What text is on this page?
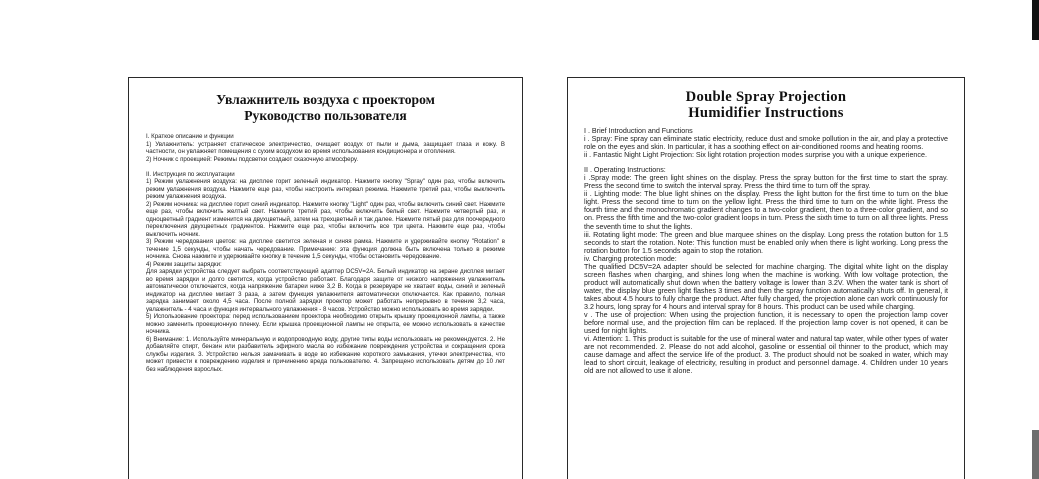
Увлажнитель воздуха с проектором
Руководство пользователя

I. Краткое описание и функции

1) Увлажнитель: устраняет статическое электричество, очищает воздух от пыли и дыма, защищает глаза и кожу. В частности, он увлажняет помещения с сухим воздухом во время использования кондиционера и отопления.

2) Ночник с проекцией: Режимы подсветки создают сказочную атмосферу.

II. Инструкция по эксплуатации

1) Режим увлажнения воздуха: на дисплее горит зеленый индикатор. Нажмите кнопку "Spray" один раз, чтобы включить режим увлажнения воздуха. Нажмите еще раз, чтобы настроить интервал режима. Нажмите третий раз, чтобы выключить режим увлажнения воздуха.

2) Режим ночника: на дисплее горит синий индикатор. Нажмите кнопку "Light" один раз, чтобы включить синий свет. Нажмите еще раз, чтобы включить желтый свет. Нажмите третий раз, чтобы включить белый свет. Нажмите четвертый раз, и одноцветный градиент изменится на двухцветный, затем на трехцветный и так далее. Нажмите пятый раз для поочередного переключения двухцветных градиентов. Нажмите еще раз, чтобы включить все три цвета. Нажмите еще раз, чтобы выключить ночник.

3) Режим чередования цветов: на дисплее светится зеленая и синяя рамка. Нажмите и удерживайте кнопку "Rotation" в течение 1,5 секунды, чтобы начать чередование. Примечание: эта функция должна быть включена только в режиме ночника. Снова нажмите и удерживайте кнопку в течение 1,5 секунды, чтобы остановить чередование.

4) Режим защиты зарядки:

Для зарядки устройства следует выбрать соответствующий адаптер DC5V=2A. Белый индикатор на экране дисплея мигает во время зарядки и долго светится, когда устройство работает. Благодаря защите от низкого напряжения увлажнитель автоматически отключается, когда напряжение батареи ниже 3,2 В. Когда в резервуаре не хватает воды, синий и зеленый индикатор на дисплее мигает 3 раза, а затем функция увлажнителя автоматически отключается. Как правило, полная зарядка занимает около 4,5 часа. После полной зарядки проектор может работать непрерывно в течение 3,2 часа, увлажнитель - 4 часа и функция интервального увлажнения - 8 часов. Устройство можно использовать во время зарядки.

5) Использование проектора: перед использованием проектора необходимо открыть крышку проекционной лампы, а также можно заменить проекционную пленку. Если крышка проекционной лампы не открыта, ее можно использовать в качестве ночника.

6) Внимание: 1. Используйте минеральную и водопроводную воду, другие типы воды использовать не рекомендуется. 2. Не добавляйте спирт, бензин или разбавитель эфирного масла во избежание повреждения устройства и сокращения срока службы изделия. 3. Устройство нельзя замачивать в воде во избежание короткого замыкания, утечки электричества, что может привести к повреждению изделия и причинению вреда пользователю. 4. Запрещено использовать детям до 10 лет без наблюдения взрослых.

Double Spray Projection
Humidifier Instructions

I . Brief Introduction and Functions

i . Spray: Fine spray can eliminate static electricity, reduce dust and smoke pollution in the air, and play a protective role on the eyes and skin. In particular, it has a soothing effect on air-conditioned rooms and heating rooms.

ii . Fantastic Night Light Projection: Six light rotation projection modes surprise you with a unique experience.

II . Operating Instructions:

i .Spray mode: The green light shines on the display. Press the spray button for the first time to start the spray. Press the second time to switch the interval spray. Press the third time to turn off the spray.

ii . Lighting mode: The blue light shines on the display. Press the light button for the first time to turn on the blue light. Press the second time to turn on the yellow light. Press the third time to turn on the white light. Press the fourth time and the monochromatic gradient changes to a two-color gradient, then to a three-color gradient, and so on. Press the fifth time and the two-color gradient loops in turn. Press the sixth time to turn on all three lights. Press the seventh time to shut the lights.

iii. Rotating light mode: The green and blue marquee shines on the display. Long press the rotation button for 1.5 seconds to start the rotation. Note: This function must be enabled only when there is light working. Long press the rotation button for 1.5 seconds again to stop the rotation.

iv. Charging protection mode:

The qualified DC5V=2A adapter should be selected for machine charging. The digital white light on the display screen flashes when charging, and shines long when the machine is working. With low voltage protection, the product will automatically shut down when the battery voltage is lower than 3.2V. When the water tank is short of water, the display blue green light flashes 3 times and then the spray function automatically shuts off. In general, it takes about 4.5 hours to fully charge the product. After fully charged, the projection alone can work continuously for 3.2 hours, long spray for 4 hours and interval spray for 8 hours. This product can be used while charging.

v . The use of projection: When using the projection function, it is necessary to open the projection lamp cover before normal use, and the projection film can be replaced. If the projection lamp cover is not opened, it can be used for night lights.

vi. Attention: 1. This product is suitable for the use of mineral water and natural tap water, while other types of water are not recommended. 2. Please do not add alcohol, gasoline or essential oil thinner to the product, which may cause damage and affect the service life of the product. 3. The product should not be soaked in water, which may lead to short circuit, leakage of electricity, resulting in product and personnel damage. 4. Children under 10 years old are not allowed to use it alone.
